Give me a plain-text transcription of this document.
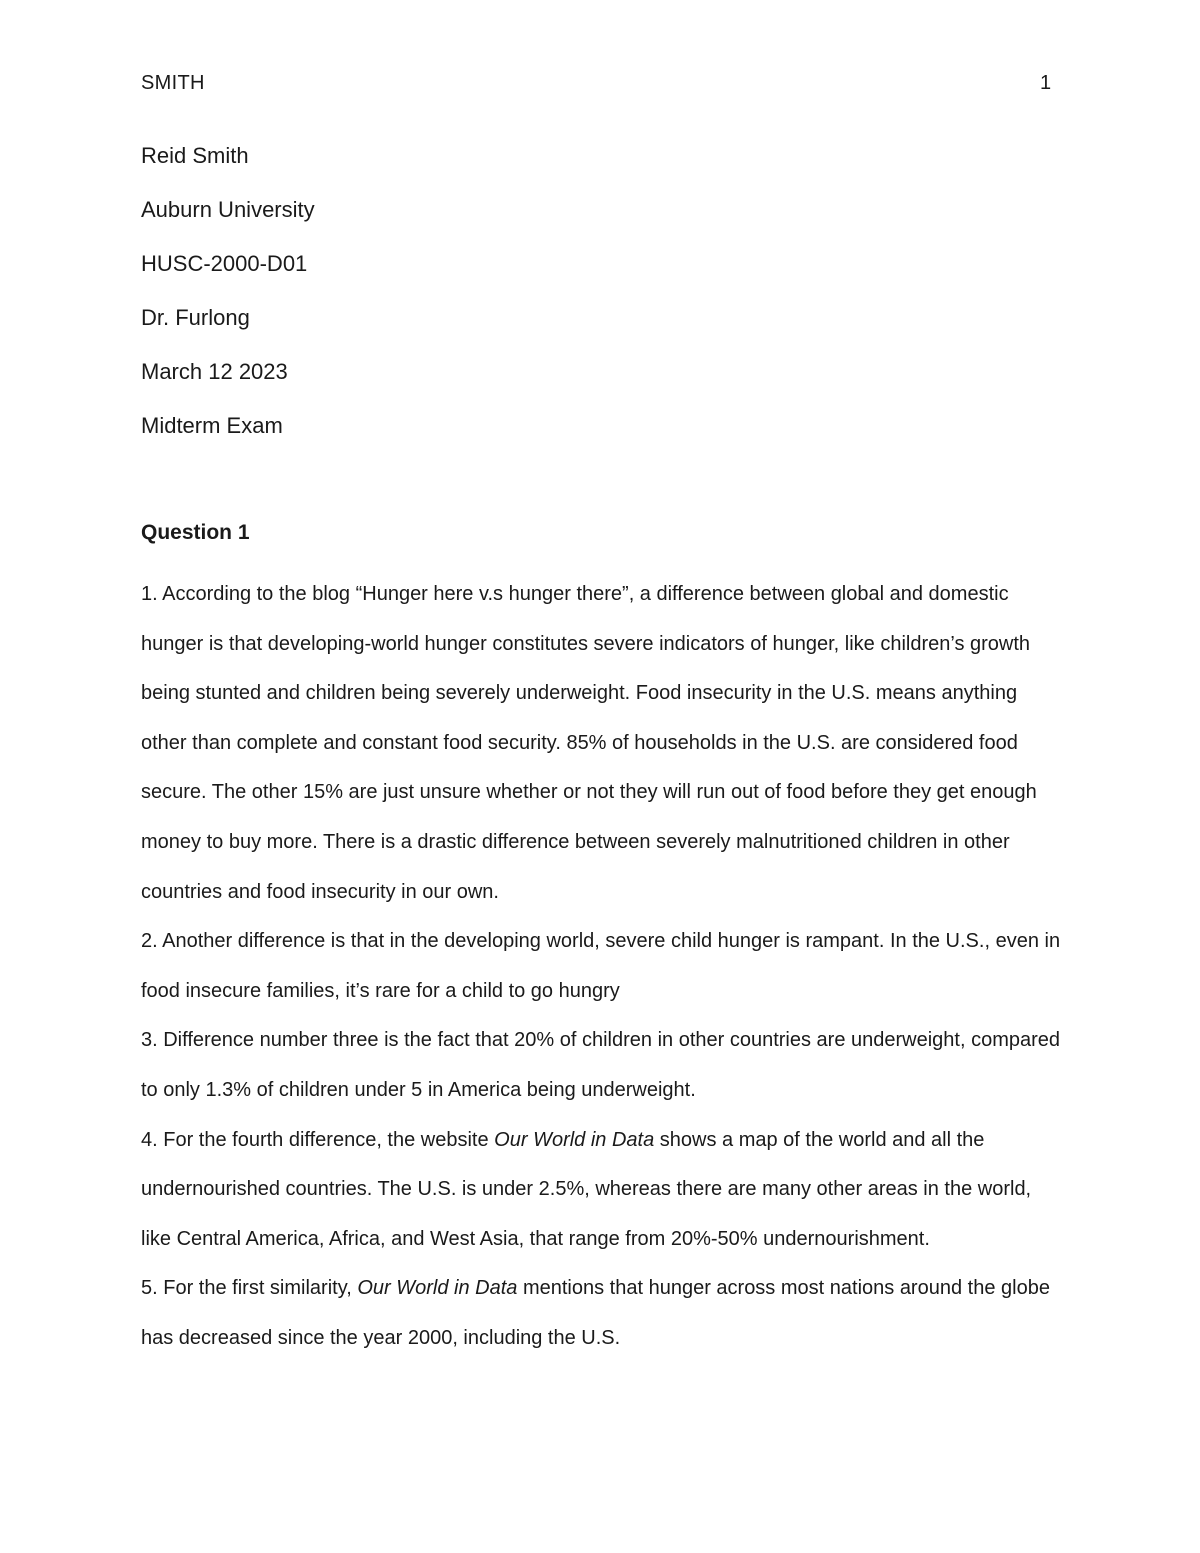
SMITH	1
Reid Smith
Auburn University
HUSC-2000-D01
Dr. Furlong
March 12 2023
Midterm Exam
Question 1

1. According to the blog “Hunger here v.s hunger there”, a difference between global and domestic hunger is that developing-world hunger constitutes severe indicators of hunger, like children’s growth being stunted and children being severely underweight. Food insecurity in the U.S. means anything other than complete and constant food security. 85% of households in the U.S. are considered food secure. The other 15% are just unsure whether or not they will run out of food before they get enough money to buy more. There is a drastic difference between severely malnutritioned children in other countries and food insecurity in our own.

2. Another difference is that in the developing world, severe child hunger is rampant. In the U.S., even in food insecure families, it’s rare for a child to go hungry

3. Difference number three is the fact that 20% of children in other countries are underweight, compared to only 1.3% of children under 5 in America being underweight.

4. For the fourth difference, the website Our World in Data shows a map of the world and all the undernourished countries. The U.S. is under 2.5%, whereas there are many other areas in the world, like Central America, Africa, and West Asia, that range from 20%-50% undernourishment.

5. For the first similarity, Our World in Data mentions that hunger across most nations around the globe has decreased since the year 2000, including the U.S.
